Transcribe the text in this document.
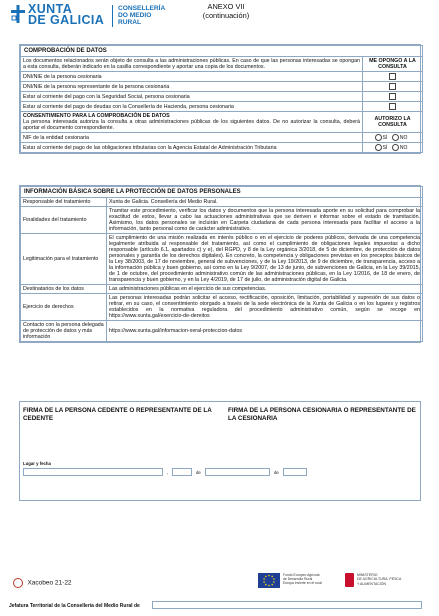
XUNTA
DE GALICIA
CONSELLERÍA
DO MEDIO
RURAL
ANEXO VII
(continuación)
COMPROBACIÓN DE DATOS	
Los documentos relacionados serán objeto de consulta a las administraciones públicas. En caso de que las personas interesadas se opongan a esta consulta, deberán indicarlo en la casilla correspondiente y aportar una copia de los documentos.	ME OPONGO A LA CONSULTA
DNI/NIE de la persona cesionaria	
DNI/NIE de la persona representante de la persona cesionaria	
Estar al corriente del pago con la Seguridad Social, persona cesionaria	
Estar al corriente del pago de deudas con la Consellería de Hacienda, persona cesionaria	

CONSENTIMIENTO PARA LA COMPROBACIÓN DE DATOS
La persona interesada autoriza la consulta a otras administraciones públicas de los siguientes datos. De no autorizar la consulta, deberá aportar el documento correspondiente.	AUTORIZO LA CONSULTA
NIF de la entidad cesionaria	SÍ NO
Estar al corriente del pago de las obligaciones tributarias con la Agencia Estatal de Administración Tributaria	SÍ NO
INFORMACIÓN BÁSICA SOBRE LA PROTECCIÓN DE DATOS PERSONALES	
Responsable del tratamiento	Xunta de Galicia. Consellería del Medio Rural.
Finalidades del tratamiento	Tramitar este procedimiento, verificar los datos y documentos que la persona interesada aporte en su solicitud para comprobar la exactitud de estos, llevar a cabo las actuaciones administrativas que se deriven e informar sobre el estado de tramitación. Asimismo, los datos personales se incluirán en Carpeta ciudadana de cada persona interesada para facilitar el acceso a la información, tanto personal como de carácter administrativo.
Legitimación para el tratamiento	El cumplimiento de una misión realizada en interés público o en el ejercicio de poderes públicos, derivada de una competencia legalmente atribuida al responsable del tratamiento, así como el cumplimiento de obligaciones legales impuestas a dicho responsable (artículo 6.1, apartados c) y e), del RGPD, y 8 de la Ley orgánica 3/2018, de 5 de diciembre, de protección de datos personales y garantía de los derechos digitales). En concreto, la competencia y obligaciones previstas en los preceptos básicos de la Ley 38/2003, de 17 de noviembre, general de subvenciones, y de la Ley 19/2013, de 9 de diciembre, de transparencia, acceso a la información pública y buen gobierno, así como en la Ley 9/2007, de 13 de junio, de subvenciones de Galicia, en la Ley 39/2015, de 1 de octubre, del procedimiento administrativo común de las administraciones públicas, en la Ley 1/2016, de 18 de enero, de transparencia y buen gobierno, y en la Ley 4/2019, de 17 de julio, de administración digital de Galicia.
Destinatarios de los datos	Las administraciones públicas en el ejercicio de sus competencias.
Ejercicio de derechos	Las personas interesadas podrán solicitar el acceso, rectificación, oposición, limitación, portabilidad y supresión de sus datos o retirar, en su caso, el consentimiento otorgado a través de la sede electrónica de la Xunta de Galicia o en los lugares y registros establecidos en la normativa reguladora del procedimiento administrativo común, según se recoge en https://www.xunta.gal/exercicio-de-dereitos
Contacto con la persona delegada de protección de datos y más información	https://www.xunta.gal/informacion-xeral-proteccion-datos
FIRMA DE LA PERSONA CEDENTE O REPRESENTANTE DE LA CEDENTE
FIRMA DE LA PERSONA CESIONARIA O REPRESENTANTE DE LA CESIONARIA
Lugar y fecha
,	de	de
Xacobeo 21-22
Fondo Europeo Agrícola
de Desarrollo Rural
Europa invierte en el rural
MINISTERIO
DE AGRICULTURA, PESCA
Y ALIMENTACIÓN
Jefatura Territorial de la Consellería del Medio Rural de
